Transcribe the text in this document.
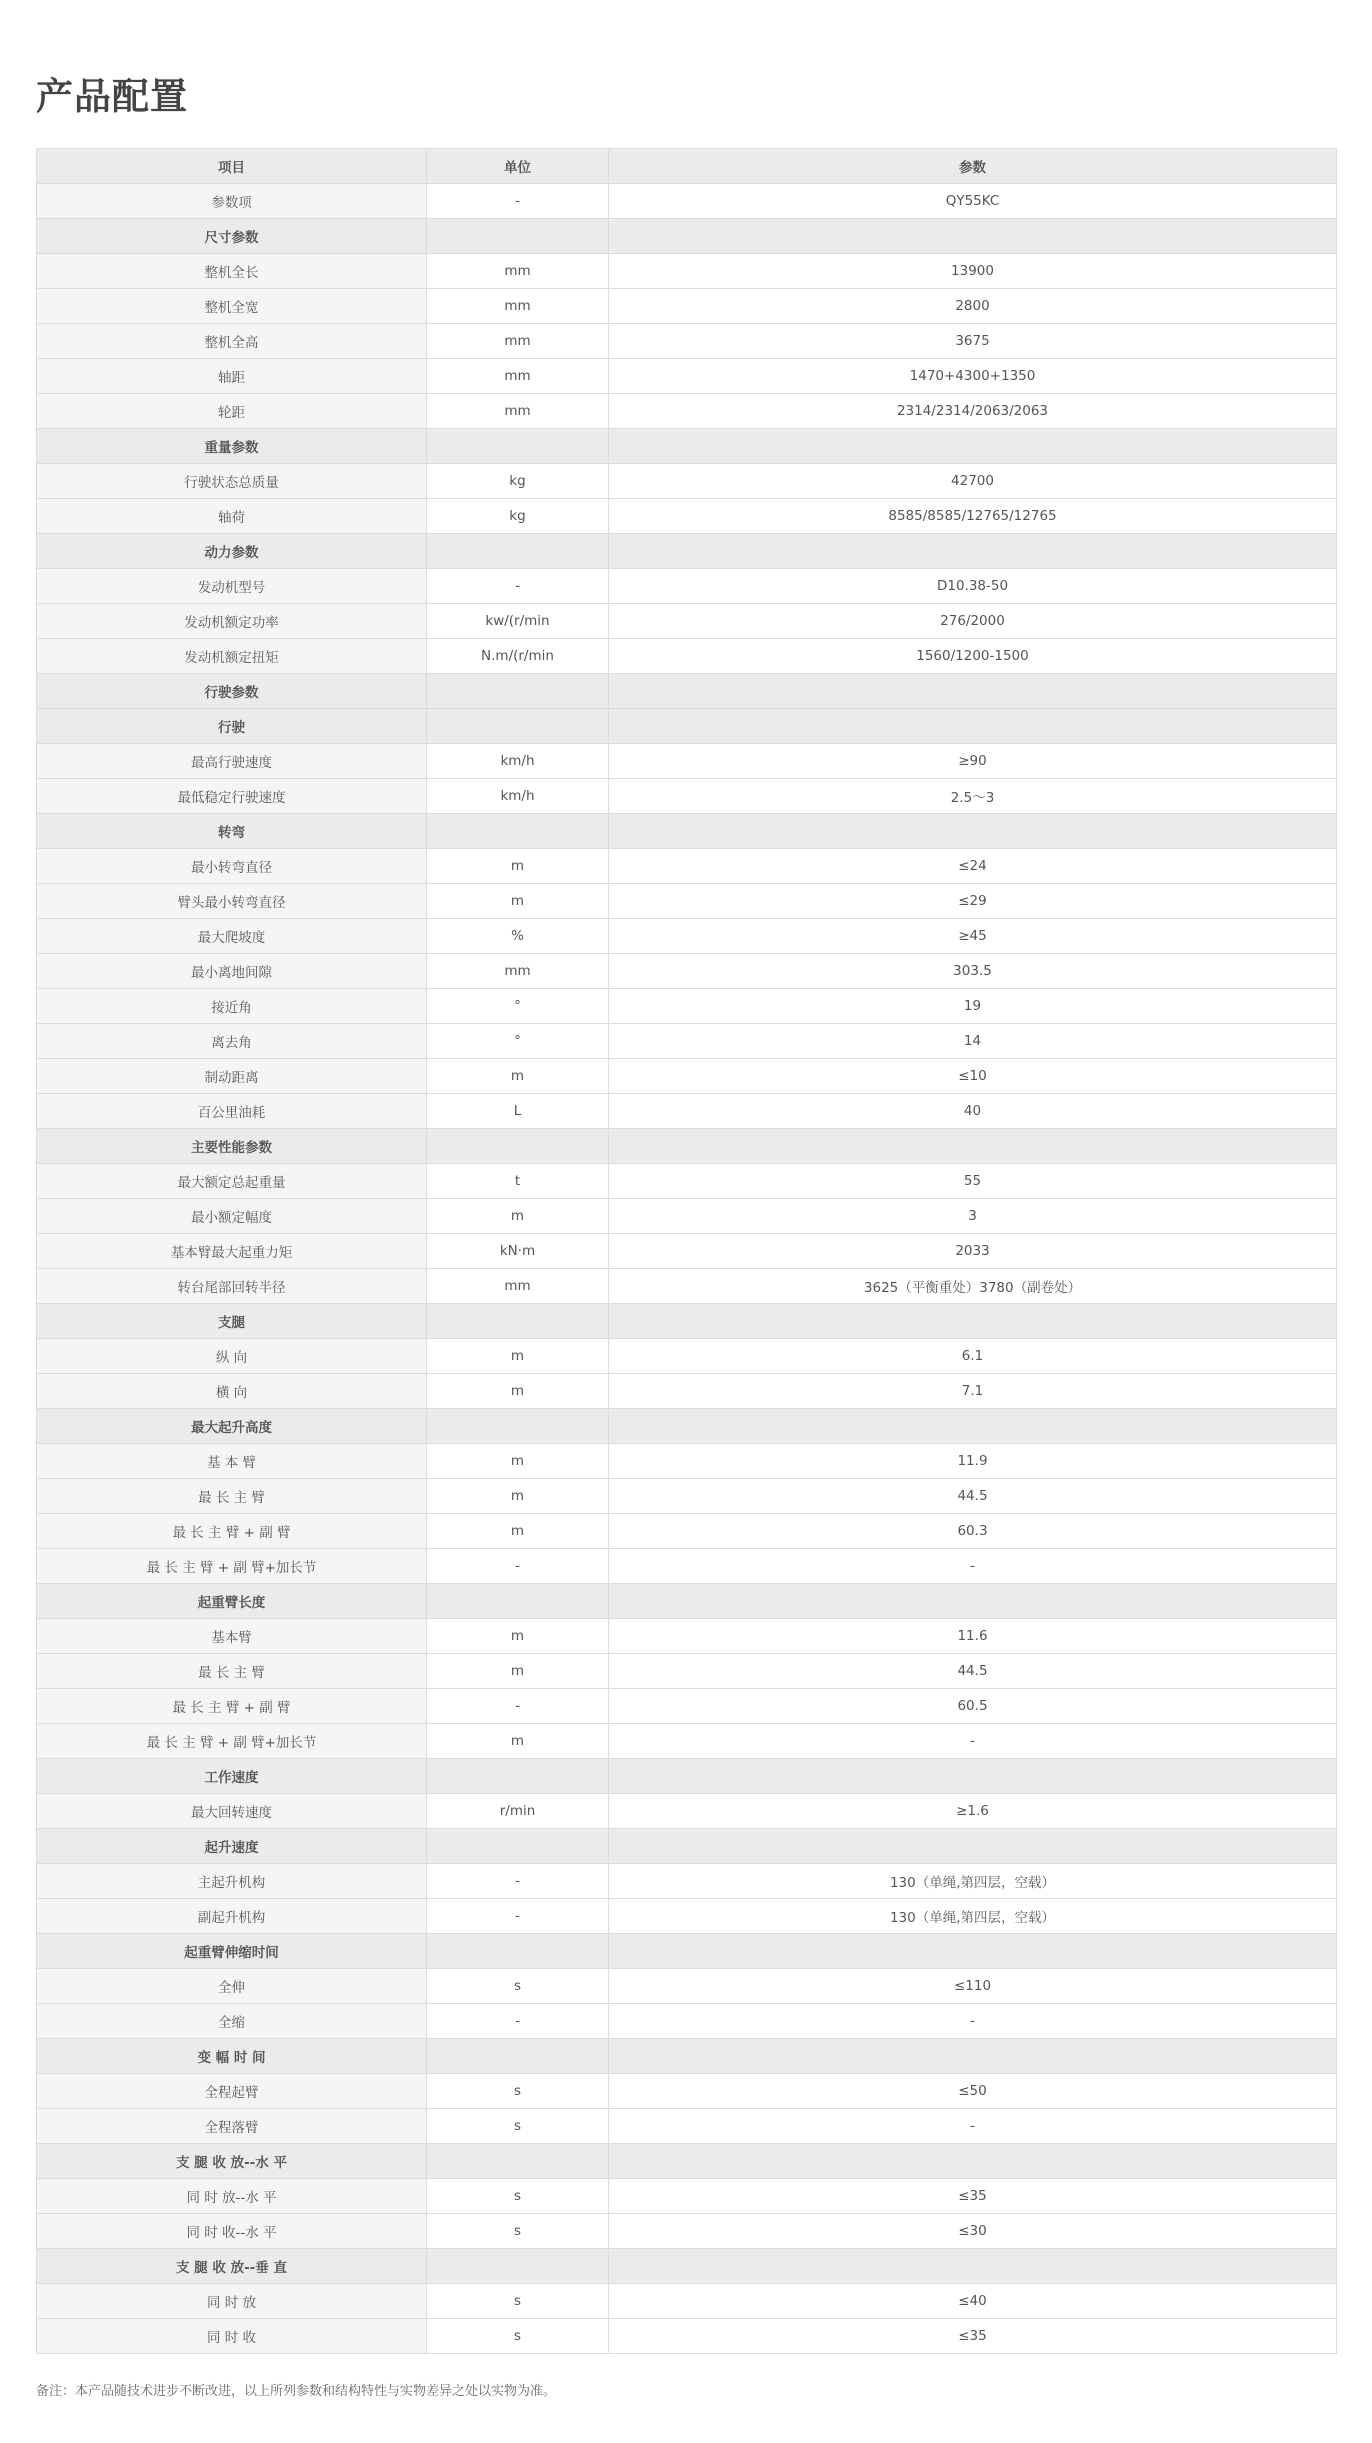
产品配置
项目	单位	参数
参数项	-	QY55KC
尺寸参数		
整机全长	mm	13900
整机全宽	mm	2800
整机全高	mm	3675
轴距	mm	1470+4300+1350
轮距	mm	2314/2314/2063/2063
重量参数		
行驶状态总质量	kg	42700
轴荷	kg	8585/8585/12765/12765
动力参数		
发动机型号	-	D10.38-50
发动机额定功率	kw/(r/min	276/2000
发动机额定扭矩	N.m/(r/min	1560/1200-1500
行驶参数		
行驶		
最高行驶速度	km/h	≥90
最低稳定行驶速度	km/h	2.5～3
转弯		
最小转弯直径	m	≤24
臂头最小转弯直径	m	≤29
最大爬坡度	%	≥45
最小离地间隙	mm	303.5
接近角	°	19
离去角	°	14
制动距离	m	≤10
百公里油耗	L	40
主要性能参数		
最大额定总起重量	t	55
最小额定幅度	m	3
基本臂最大起重力矩	kN·m	2033
转台尾部回转半径	mm	3625（平衡重处）3780（副卷处）
支腿		
纵 向	m	6.1
横 向	m	7.1
最大起升高度		
基 本 臂	m	11.9
最 长 主 臂	m	44.5
最 长 主 臂 + 副 臂	m	60.3
最 长 主 臂 + 副 臂+加长节	-	-
起重臂长度		
基本臂	m	11.6
最 长 主 臂	m	44.5
最 长 主 臂 + 副 臂	-	60.5
最 长 主 臂 + 副 臂+加长节	m	-
工作速度		
最大回转速度	r/min	≥1.6
起升速度		
主起升机构	-	130（单绳,第四层，空载）
副起升机构	-	130（单绳,第四层，空载）
起重臂伸缩时间		
全伸	s	≤110
全缩	-	-
变 幅 时 间		
全程起臂	s	≤50
全程落臂	s	-
支 腿 收 放--水 平		
同 时 放--水 平	s	≤35
同 时 收--水 平	s	≤30
支 腿 收 放--垂 直		
同 时 放	s	≤40
同 时 收	s	≤35

备注：本产品随技术进步不断改进，以上所列参数和结构特性与实物差异之处以实物为准。
